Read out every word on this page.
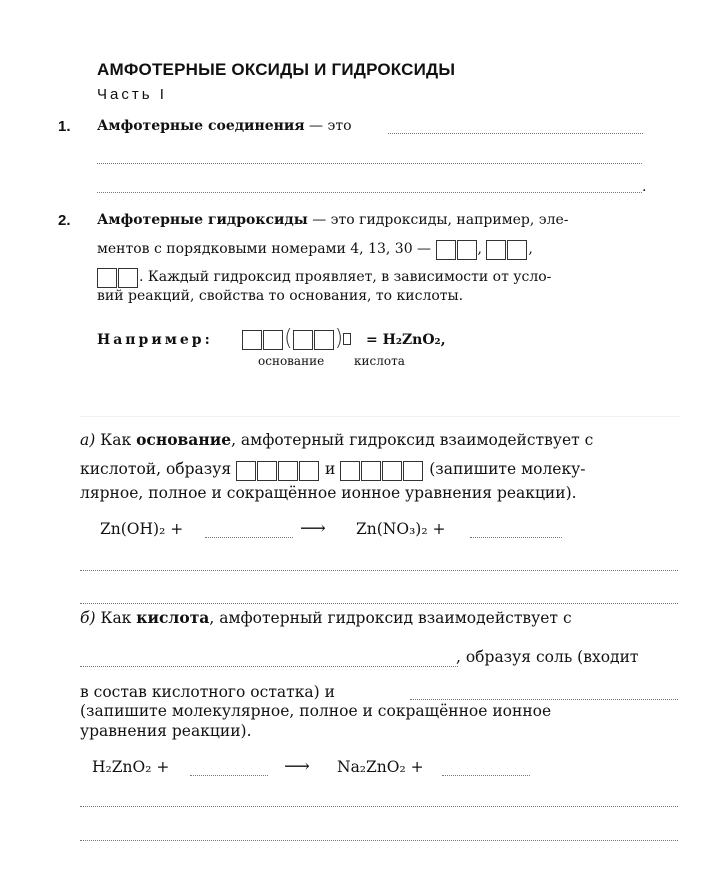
АМФОТЕРНЫЕ ОКСИДЫ И ГИДРОКСИДЫ
Часть I
1. Амфотерные соединения — это
.
2. Амфотерные гидроксиды — это гидроксиды, например, эле-
ментов с порядковыми номерами 4, 13, 30 —	,	,
. Каждый гидроксид проявляет, в зависимости от усло-
вий реакций, свойства то основания, то кислоты.
Например:	( )	= H₂ZnO₂,
основание кислота
а) Как основание, амфотерный гидроксид взаимодействует с
кислотой, образуя	и	(запишите молеку-
лярное, полное и сокращённое ионное уравнения реакции).
Zn(OH)₂ +	⟶ Zn(NO₃)₂ +
б) Как кислота, амфотерный гидроксид взаимодействует с
, образуя соль (входит
в состав кислотного остатка) и
(запишите молекулярное, полное и сокращённое ионное
уравнения реакции).
H₂ZnO₂ +	⟶ Na₂ZnO₂ +
